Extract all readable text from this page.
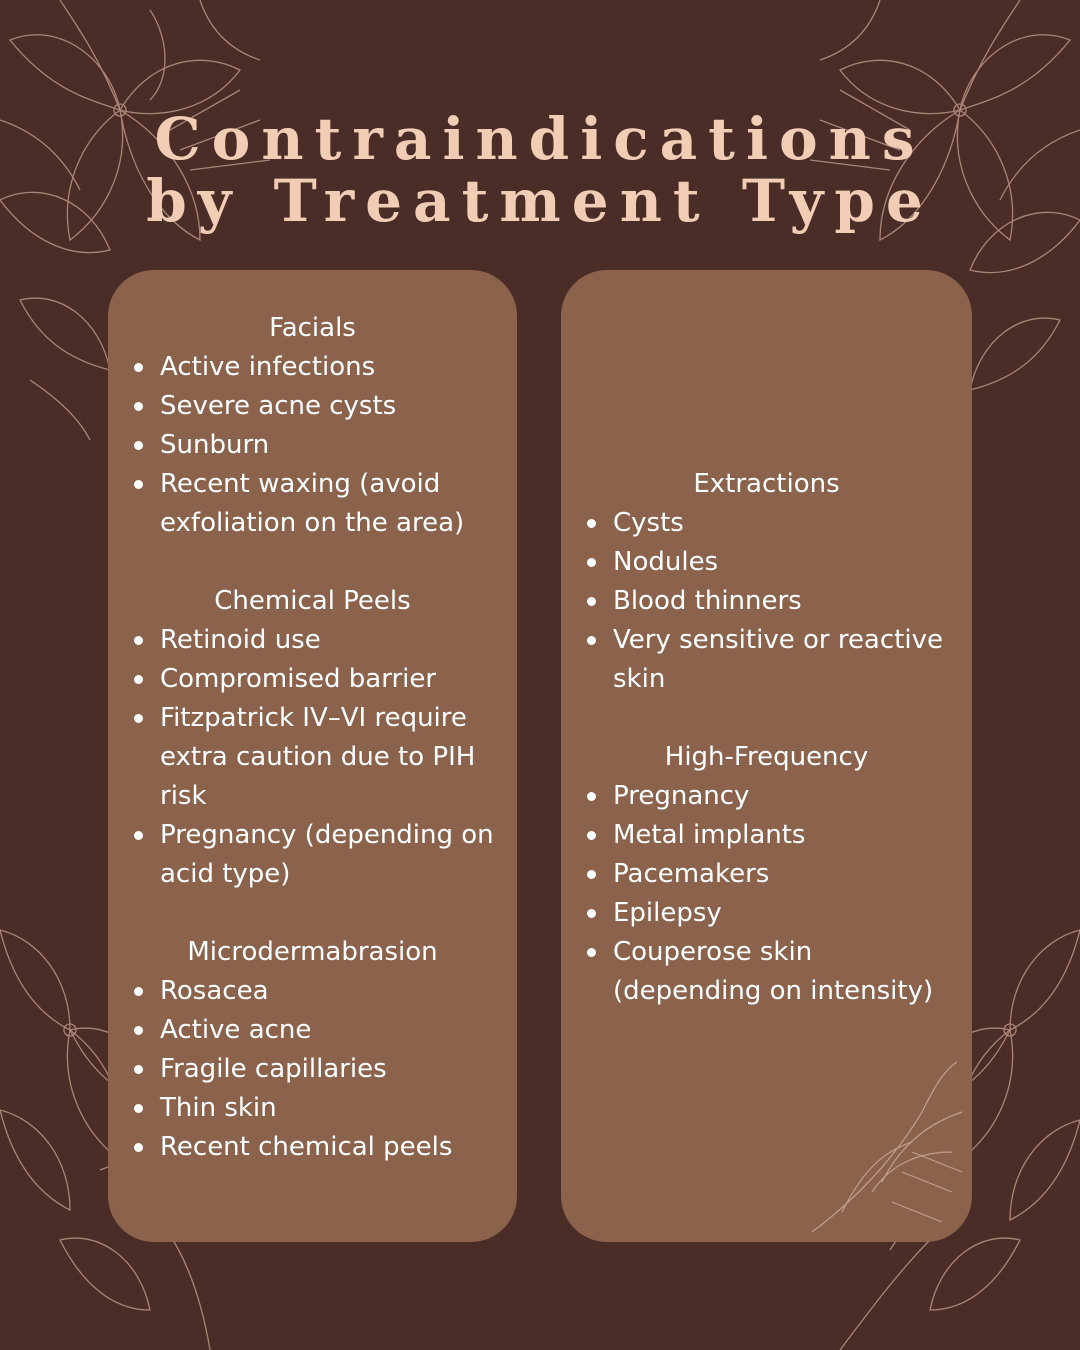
Contraindications
by Treatment Type
Facials
Active infections
Severe acne cysts
Sunburn
Recent waxing (avoid exfoliation on the area)
Chemical Peels
Retinoid use
Compromised barrier
Fitzpatrick IV–VI require extra caution due to PIH risk
Pregnancy (depending on acid type)
Microdermabrasion
Rosacea
Active acne
Fragile capillaries
Thin skin
Recent chemical peels
Extractions
Cysts
Nodules
Blood thinners
Very sensitive or reactive skin
High-Frequency
Pregnancy
Metal implants
Pacemakers
Epilepsy
Couperose skin (depending on intensity)
